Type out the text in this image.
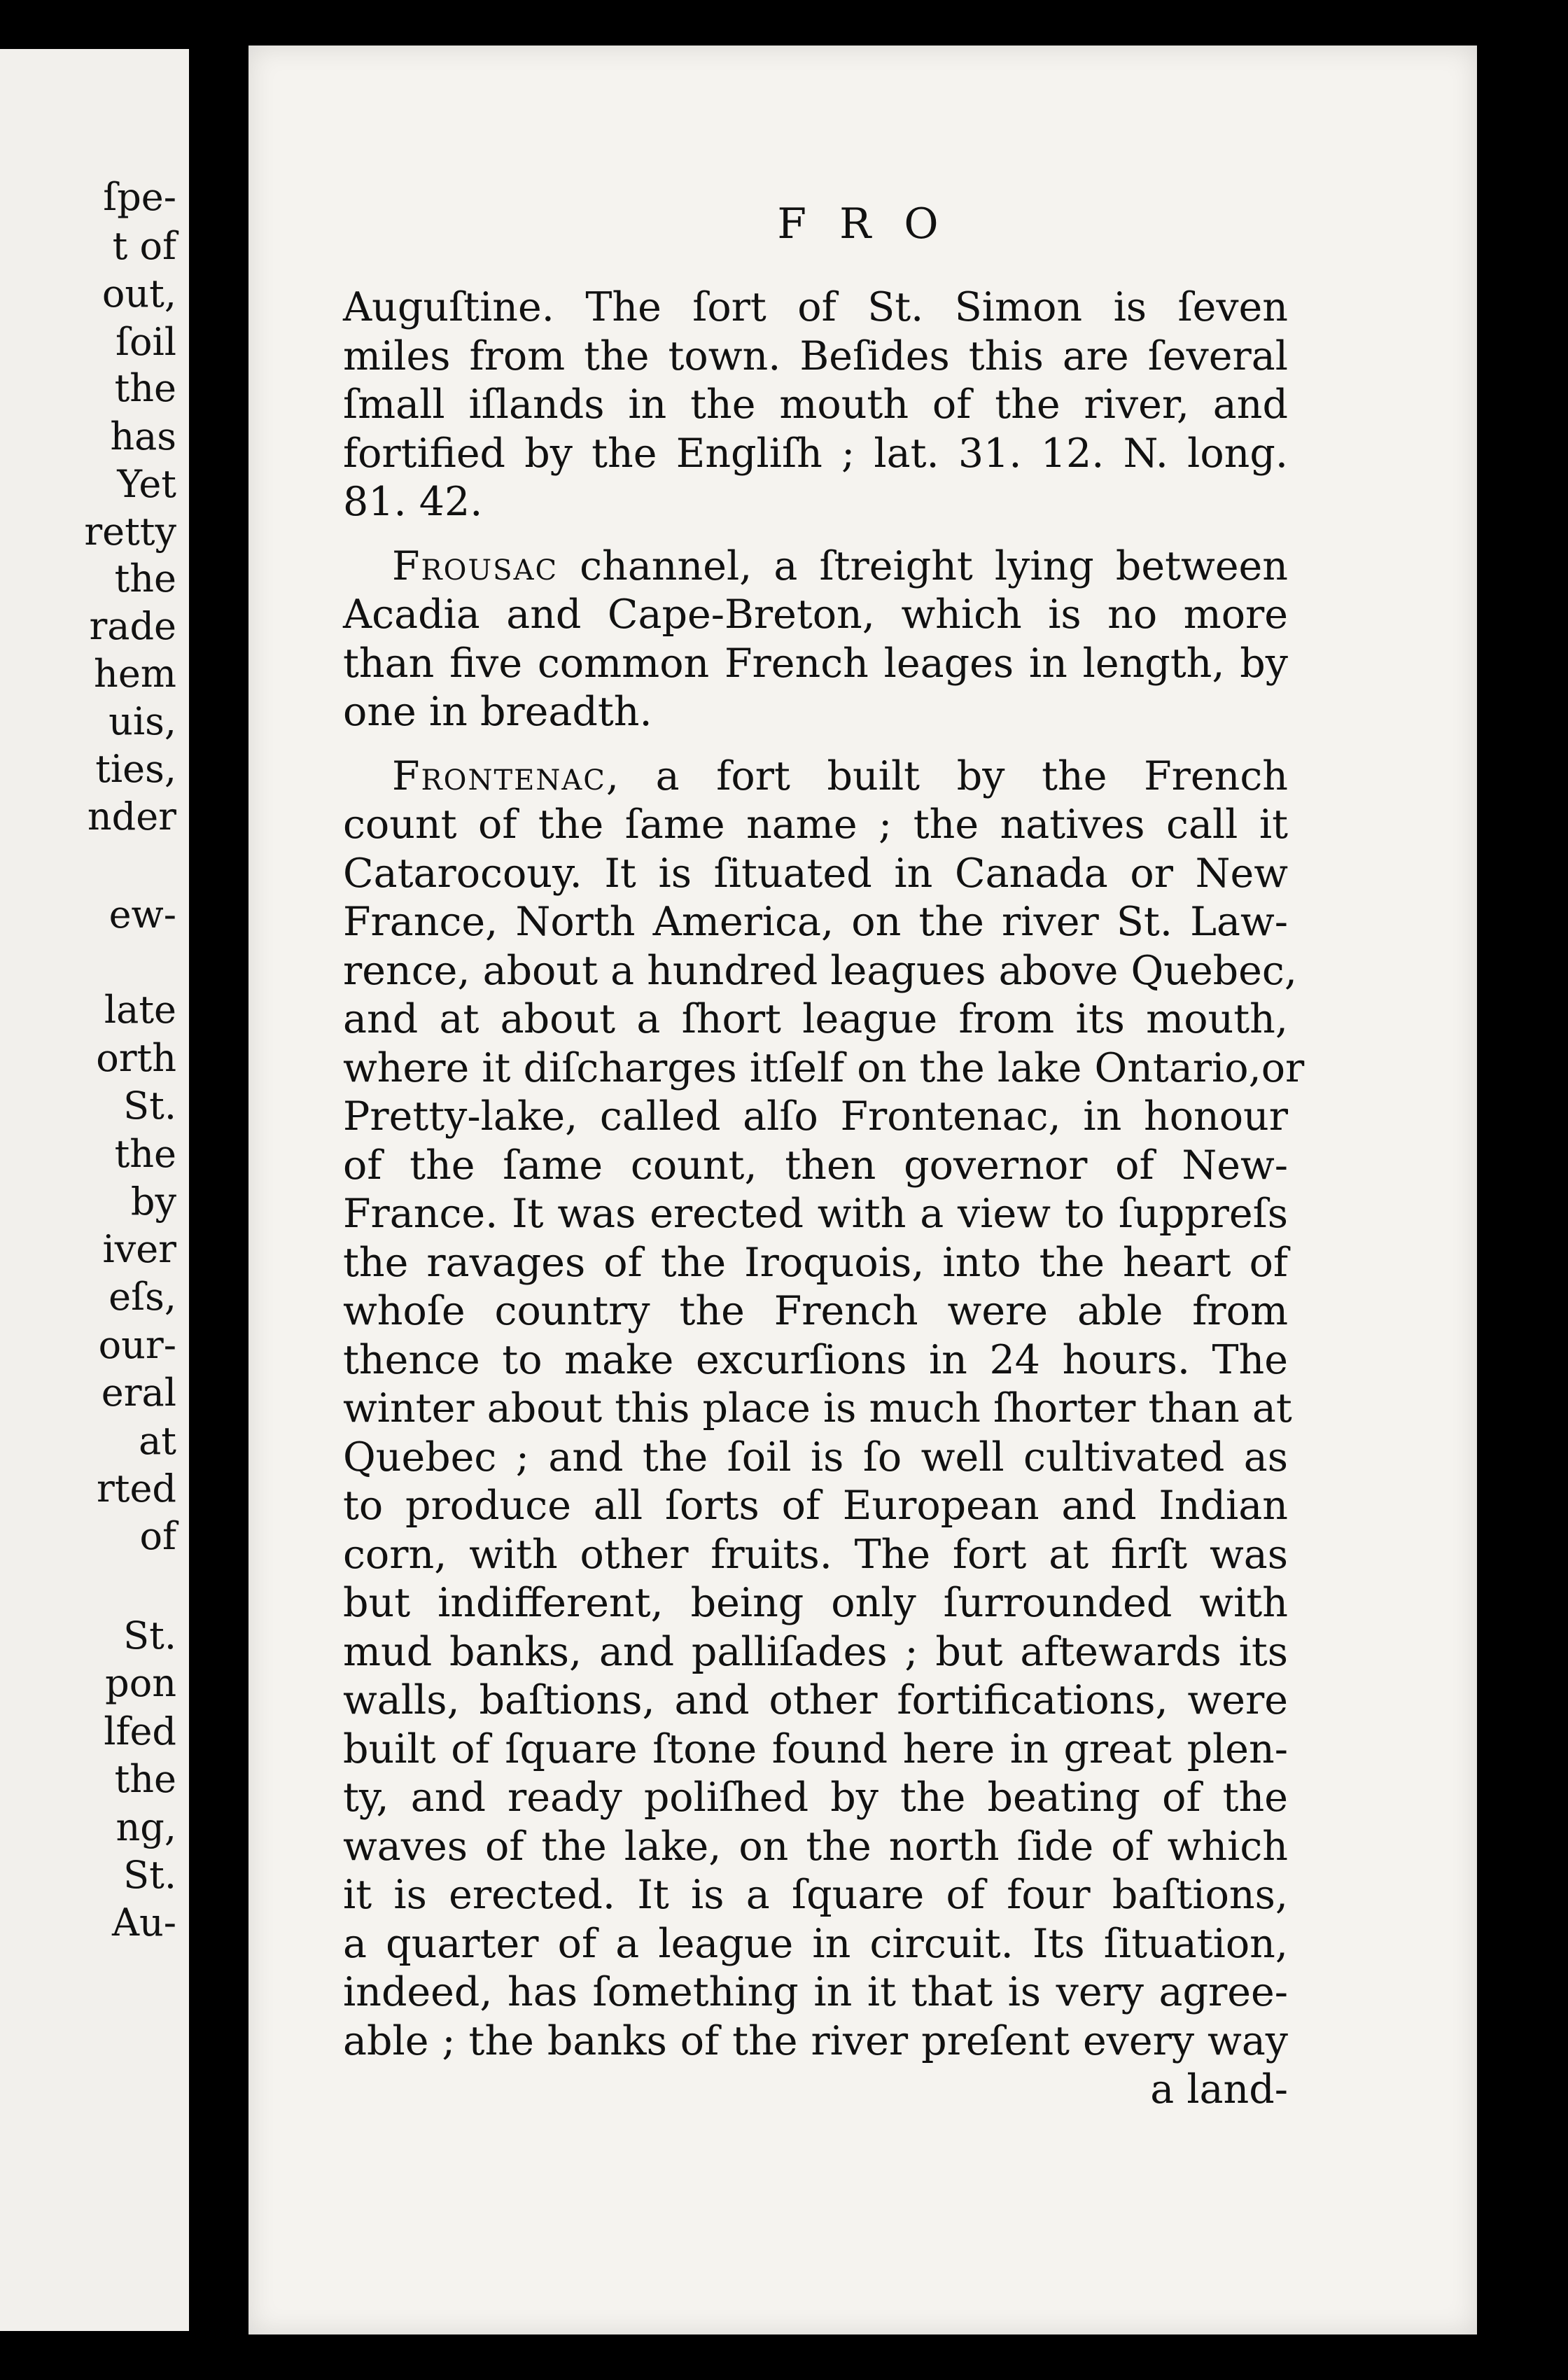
ſpe-
t of
out,
ſoil
the
has
Yet
retty
the
rade
hem
uis,
ties,
nder
ew-
late
orth
St.
the
by
iver
eſs,
our-
eral
at
rted
of
St.
pon
lfed
the
ng,
St.
Au-
F R O
Auguſtine. The ſort of St. Simon is ſeven
miles from the town. Beſides this are ſeveral
ſmall iſlands in the mouth of the river, and
fortified by the Engliſh ; lat. 31. 12. N. long.
81. 42.
Frousac channel, a ſtreight lying between
Acadia and Cape-Breton, which is no more
than five common French leages in length, by
one in breadth.
Frontenac, a fort built by the French
count of the ſame name ; the natives call it
Catarocouy. It is ſituated in Canada or New
France, North America, on the river St. Law-
rence, about a hundred leagues above Quebec,
and at about a ſhort league from its mouth,
where it diſcharges itſelf on the lake Ontario,or
Pretty-lake, called alſo Frontenac, in honour
of the ſame count, then governor of New-
France. It was erected with a view to ſuppreſs
the ravages of the Iroquois, into the heart of
whoſe country the French were able from
thence to make excurſions in 24 hours. The
winter about this place is much ſhorter than at
Quebec ; and the ſoil is ſo well cultivated as
to produce all ſorts of European and Indian
corn, with other fruits. The fort at firſt was
but indifferent, being only ſurrounded with
mud banks, and palliſades ; but aftewards its
walls, baſtions, and other fortifications, were
built of ſquare ſtone found here in great plen-
ty, and ready poliſhed by the beating of the
waves of the lake, on the north ſide of which
it is erected. It is a ſquare of four baſtions,
a quarter of a league in circuit. Its ſituation,
indeed, has ſomething in it that is very agree-
able ; the banks of the river preſent every way
a land-
